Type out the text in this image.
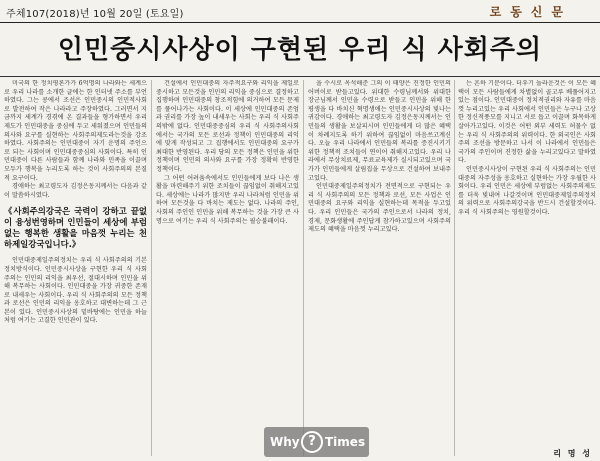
주체107(2018)년 10월 20일 (토요일)	로동신문
인민중시사상이 구현된 우리 식 사회주의

미국의 한 정치평론가가 6억명의 나라와는 세계으로 우리 나라를 소개한 글에는 한 인터넷 주소를 부언하였다. 그는 콩에서 조선은 인민중시의 인민적사회로 발전하여 작은 나라라고 주장하였다. 그러면서 지금까지 세계가 경겪에 온 결과들을 형가하면서 우리 제도가 인민대중을 중심에 두고 세워졌으며 인민들의 의사와 요구를 실현하는 사회주의제도라는것을 강조하였다. 사회주의는 인민대중이 자기 운명의 주인으로 되는 사회이며 인민대중중심의 사회이다. 특히 인민대중이 다른 사람들과 함께 나라와 민족을 이끌며 모두가 행복을 누리도록 하는 것이 사회주의의 본질적 요구이다.

경애하는 최고령도자 김정은동지께서는 다음과 같이 말씀하시였다.

《사회주의강국은 국력이 강하고 끝없이 융성번영하며 인민들이 세상에 부럼없는 행복한 생활을 마음껏 누리는 천하제일강국입니다.》

인민대중제일주의정치는 우리 식 사회주의의 기본정치방식이다. 인민중시사상을 구현한 우리 식 사회주의는 인민의 리익을 최우선, 절대시하며 인민을 위해 복무하는 사회이다. 인민대중을 가장 귀중한 존재로 내세우는 사회이다. 우리 식 사회주의의 모든 정책과 로선은 인민의 리익을 옹호하고 대변하는데 그 근본이 있다. 인민중시사상의 밑바탕에는 인민을 하늘처럼 여기는 고결한 인민관이 있다.

건설에서 인민대중의 자주적요구와 리익을 제일로 중시하고 모든것을 인민의 리익을 중심으로 결정하고 집행하며 인민대중의 창조적힘에 의거하여 모든 문제를 풀어나가는 사회이다. 이 세상에 인민대중의 존엄과 권리를 가장 높이 내세우는 사회는 우리 식 사회주의밖에 없다. 인민대중중심의 우리 식 사회주의사회에서는 국가의 모든 로선과 정책이 인민대중의 리익에 맞게 작성되고 그 집행에서도 인민대중의 요구가 최대한 반영된다. 우리 당의 모든 정책은 인민을 위한 정책이며 인민의 의사와 요구를 가장 정확히 반영한 정책이다.

그 어떤 어려움속에서도 인민들에게 보다 나은 생활을 마련해주기 위한 조치들이 끊임없이 취해지고있다. 세상에는 나라가 많지만 우리 나라처럼 인민을 위하여 모든것을 다 바치는 제도는 없다. 나라의 주인, 사회의 주인인 인민을 위해 복무하는 것을 가장 큰 사명으로 여기는 우리 식 사회주의는 필승불패이다.

을 수시로 옥석해준 그의 이 태양은 진정한 인민의 어버이로 받들고있다. 위대한 수령님께서와 위대한 장군님께서 인민을 수령으로 받들고 인민을 위해 한평생을 다 바치신 혁명생애는 인민중시사상의 빛나는 귀감이다. 경애하는 최고령도자 김정은동지께서는 인민들의 생활을 보살피시며 인민들에게 더 많은 혜택이 차례지도록 하기 위하여 끊임없이 마음쓰고계신다. 오늘 우리 나라에서 인민들의 복리를 증진시키기 위한 정책적 조치들이 연이어 취해지고있다. 우리 나라에서 무상치료제, 무료교육제가 실시되고있으며 국가가 인민들에게 살림집을 무상으로 건설하여 보내주고있다.

인민대중제일주의정치가 전면적으로 구현되는 우리 식 사회주의의 모든 정책과 로선, 모든 사업은 인민대중의 요구와 리익을 실현하는데 목적을 두고있다. 우리 인민들은 국가의 주인으로서 나라의 정치, 경제, 문화생활에 주인답게 참가하고있으며 사회주의제도의 혜택을 마음껏 누리고있다.

는 흔하 기분이다. 더우기 놀라운것은 이 모든 혜택이 모든 사람들에게 차별없이 골고루 베풀어지고있는 점이다. 인민대중이 정치적권리와 자유를 마음껏 누리고있는 우리 사회에서 인민들은 누구나 고상한 정신적풍모를 지니고 서로 돕고 이끌며 화목하게 살아가고있다. 이것은 어떤 외부 세력도 허물수 없는 우리 식 사회주의의 위력이다. 한 외국인은 사회주의 조선을 방문하고 나서 이 나라에서 인민들은 국가의 주인이며 진정한 삶을 누리고있다고 말하였다.

인민중시사상이 구현된 우리 식 사회주의는 인민대중의 자주성을 옹호하고 실현하는 가장 우월한 사회이다. 우리 인민은 세상에 부럼없는 사회주의제도를 더욱 빛내여 나갈것이며 인민대중제일주의정치의 위력으로 사회주의강국을 반드시 건설할것이다. 우리 식 사회주의는 영원할것이다.

리 명 성
Why ? Times
